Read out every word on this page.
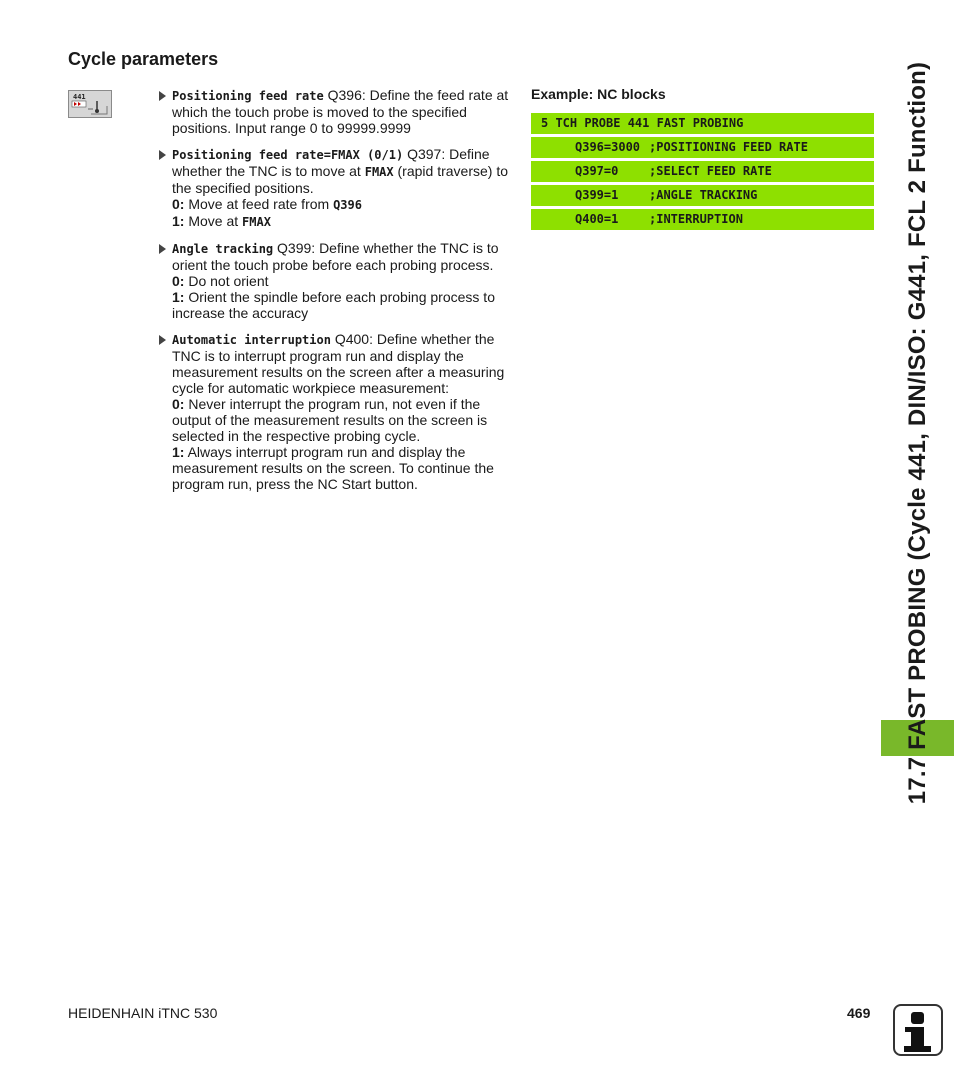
Cycle parameters
441	Positioning feed rate Q396: Define the feed rate at which the touch probe is moved to the specified positions. Input range 0 to 99999.9999
Positioning feed rate=FMAX (0/1) Q397: Define whether the TNC is to move at FMAX (rapid traverse) to the specified positions.
0: Move at feed rate from Q396
1: Move at FMAX
Angle tracking Q399: Define whether the TNC is to orient the touch probe before each probing process.
0: Do not orient
1: Orient the spindle before each probing process to increase the accuracy
Automatic interruption Q400: Define whether the TNC is to interrupt program run and display the measurement results on the screen after a measuring cycle for automatic workpiece measurement:
0: Never interrupt the program run, not even if the output of the measurement results on the screen is selected in the respective probing cycle.
1: Always interrupt program run and display the measurement results on the screen. To continue the program run, press the NC Start button.
Example: NC blocks
5 TCH PROBE 441 FAST PROBING
Q396=3000 ;POSITIONING FEED RATE
Q397=0	;SELECT FEED RATE
Q399=1	;ANGLE TRACKING
Q400=1	;INTERRUPTION	17.7 FAST PROBING (Cycle 441, DIN/ISO: G441, FCL 2 Function)
HEIDENHAIN iTNC 530	469
